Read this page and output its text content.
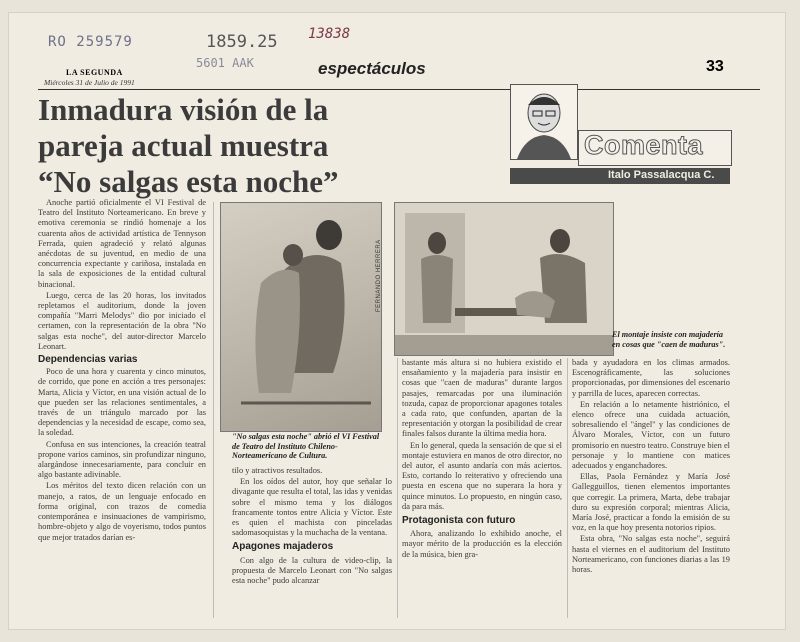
RO 259579	1859.25 13838
5601 AAK
LA SEGUNDA
Miércoles 31 de Julio de 1991
espectáculos	33
Inmadura visión de la
pareja actual muestra
“No salgas esta noche”
Comenta
Italo Passalacqua C.

Anoche partió oficialmente el VI Festival de Teatro del Instituto Norteamericano. En breve y emotiva ceremonia se rindió homenaje a los cuarenta años de actividad artística de Tennyson Ferrada, quien agradeció y relató algunas anécdotas de su juventud, en medio de una concurrencia expectante y cariñosa, instalada en la sala de exposiciones de la entidad cultural binacional.

Luego, cerca de las 20 horas, los invitados repletamos el auditorium, donde la joven compañía "Marri Melodys" dio por iniciado el certamen, con la representación de la obra "No salgas esta noche", del autor-director Marcelo Leonart.

Dependencias varias

Poco de una hora y cuarenta y cinco minutos, de corrido, que pone en acción a tres personajes: Marta, Alicia y Víctor, en una visión actual de lo que pueden ser las relaciones sentimentales, a través de un triángulo marcado por las dependencias y la necesidad de escape, como sea, la soledad.

Confusa en sus intenciones, la creación teatral propone varios caminos, sin profundizar ninguno, alargándose innecesariamente, para concluir en algo bastante adivinable.

Los méritos del texto dicen relación con un manejo, a ratos, de un lenguaje enfocado en forma original, con trazos de comedia contemporánea e insinuaciones de vampirismo, hombre-objeto y algo de voyerismo, todos puntos que mejor tratados darían es-

FERNANDO HERRERA
"No salgas esta noche" abrió el VI Festival de Teatro del Instituto Chileno-Norteamericano de Cultura.
El montaje insiste con majadería en cosas que "caen de maduras".

tilo y atractivos resultados.

En los oídos del autor, hoy que señalar lo divagante que resulta el total, las idas y venidas sobre el mismo tema y los diálogos francamente tontos entre Alicia y Víctor. Este es quien el machista con pinceladas sadomasoquistas y la muchacha de la ventana.

Apagones majaderos

Con algo de la cultura de video-clip, la propuesta de Marcelo Leonart con "No salgas esta noche" pudo alcanzar

bastante más altura si no hubiera existido el ensañamiento y la majadería para insistir en cosas que "caen de maduras" durante largos pasajes, remarcadas por una iluminación tozuda, capaz de proporcionar apagones totales a cada rato, que confunden, apartan de la representación y otorgan la posibilidad de crear finales falsos durante la última media hora.

En lo general, queda la sensación de que si el montaje estuviera en manos de otro director, no del autor, el asunto andaría con más aciertos. Esto, cortando lo reiterativo y ofreciendo una puesta en escena que no superara la hora y quince minutos. Lo propuesto, en ningún caso, da para más.

Protagonista con futuro

Ahora, analizando lo exhibido anoche, el mayor mérito de la producción es la elección de la música, bien gra-

bada y ayudadora en los climas armados. Escenográficamente, las soluciones proporcionadas, por dimensiones del escenario y parrilla de luces, aparecen correctas.

En relación a lo netamente histriónico, el elenco ofrece una cuidada actuación, sobresaliendo el "ángel" y las condiciones de Álvaro Morales, Víctor, con un futuro promisorio en nuestro teatro. Construye bien el personaje y lo mantiene con matices adecuados y enganchadores.

Ellas, Paola Fernández y María José Gallegguillos, tienen elementos importantes que corregir. La primera, Marta, debe trabajar duro su expresión corporal; mientras Alicia, María José, practicar a fondo la emisión de su voz, en la que hoy presenta notorios ripios.

Esta obra, "No salgas esta noche", seguirá hasta el viernes en el auditorium del Instituto Norteamericano, con funciones diarias a las 19 horas.
